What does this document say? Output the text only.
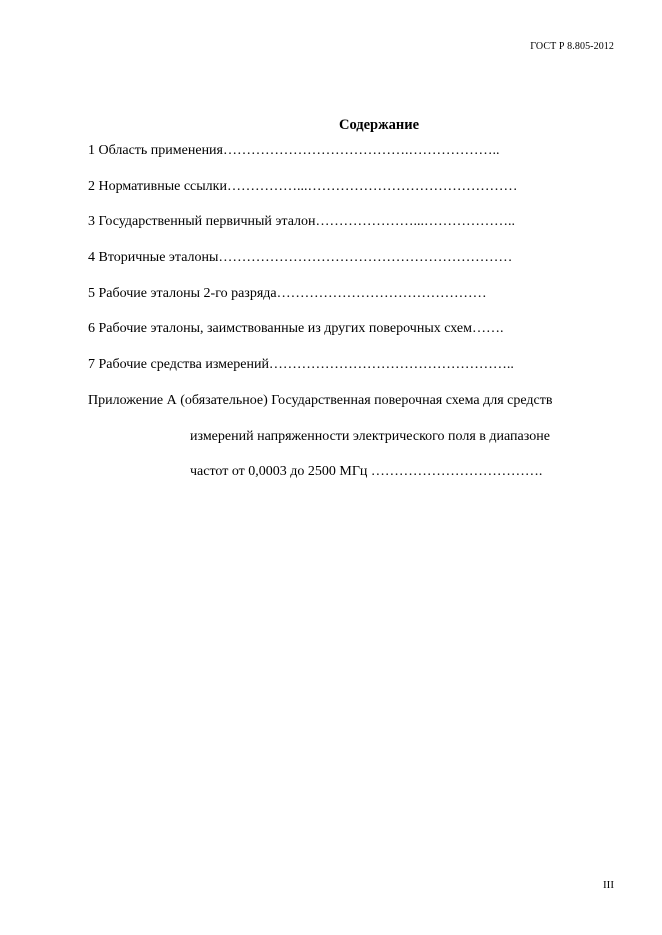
ГОСТ Р 8.805-2012
Содержание
1 Область применения………………………………….………………..
2 Нормативные ссылки……………...………………………………………
3 Государственный первичный эталон…………………...………………..
4 Вторичные эталоны………………………………………………………
5 Рабочие эталоны 2-го разряда………………………………………
6 Рабочие эталоны, заимствованные из других поверочных схем…….
7 Рабочие средства измерений……………………………………………..
Приложение А (обязательное) Государственная поверочная схема для средств
измерений напряженности электрического поля в диапазоне
частот от 0,0003 до 2500 МГц ……………………………….
III
